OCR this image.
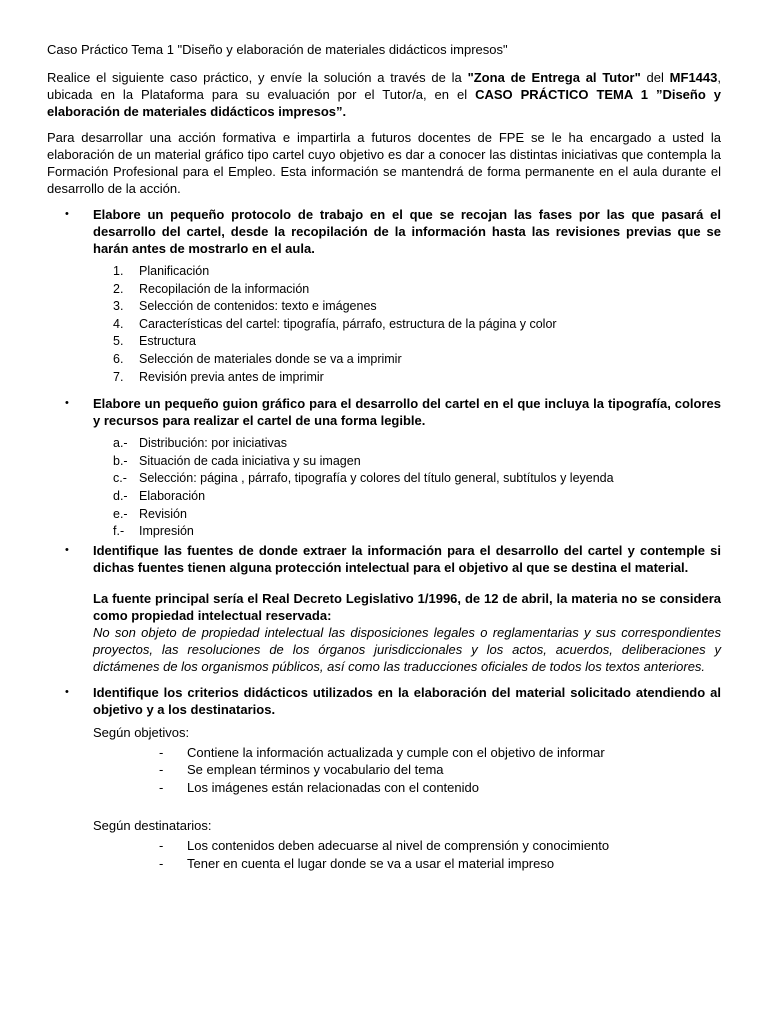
Caso Práctico Tema 1 "Diseño y elaboración de materiales didácticos impresos"

Realice el siguiente caso práctico, y envíe la solución a través de la "Zona de Entrega al Tutor" del MF1443, ubicada en la Plataforma para su evaluación por el Tutor/a, en el CASO PRÁCTICO TEMA 1 ”Diseño y elaboración de materiales didácticos impresos”.

Para desarrollar una acción formativa e impartirla a futuros docentes de FPE se le ha encargado a usted la elaboración de un material gráfico tipo cartel cuyo objetivo es dar a conocer las distintas iniciativas que contempla la Formación Profesional para el Empleo. Esta información se mantendrá de forma permanente en el aula durante el desarrollo de la acción.

• Elabore un pequeño protocolo de trabajo en el que se recojan las fases por las que pasará el desarrollo del cartel, desde la recopilación de la información hasta las revisiones previas que se harán antes de mostrarlo en el aula.

1. Planificación
2. Recopilación de la información
3. Selección de contenidos: texto e imágenes
4. Características del cartel: tipografía, párrafo, estructura de la página y color
5. Estructura
6. Selección de materiales donde se va a imprimir
7. Revisión previa antes de imprimir
• Elabore un pequeño guion gráfico para el desarrollo del cartel en el que incluya la tipografía, colores y recursos para realizar el cartel de una forma legible.

a.- Distribución: por iniciativas
b.- Situación de cada iniciativa y su imagen
c.- Selección: página , párrafo, tipografía y colores del título general, subtítulos y leyenda
d.- Elaboración
e.- Revisión
f.- Impresión
• Identifique las fuentes de donde extraer la información para el desarrollo del cartel y contemple si dichas fuentes tienen alguna protección intelectual para el objetivo al que se destina el material.

La fuente principal sería el Real Decreto Legislativo 1/1996, de 12 de abril, la materia no se considera como propiedad intelectual reservada:

No son objeto de propiedad intelectual las disposiciones legales o reglamentarias y sus correspondientes proyectos, las resoluciones de los órganos jurisdiccionales y los actos, acuerdos, deliberaciones y dictámenes de los organismos públicos, así como las traducciones oficiales de todos los textos anteriores.

• Identifique los criterios didácticos utilizados en la elaboración del material solicitado atendiendo al objetivo y a los destinatarios.

Según objetivos:

- Contiene la información actualizada y cumple con el objetivo de informar
- Se emplean términos y vocabulario del tema
- Los imágenes están relacionadas con el contenido

Según destinatarios:

- Los contenidos deben adecuarse al nivel de comprensión y conocimiento
- Tener en cuenta el lugar donde se va a usar el material impreso
